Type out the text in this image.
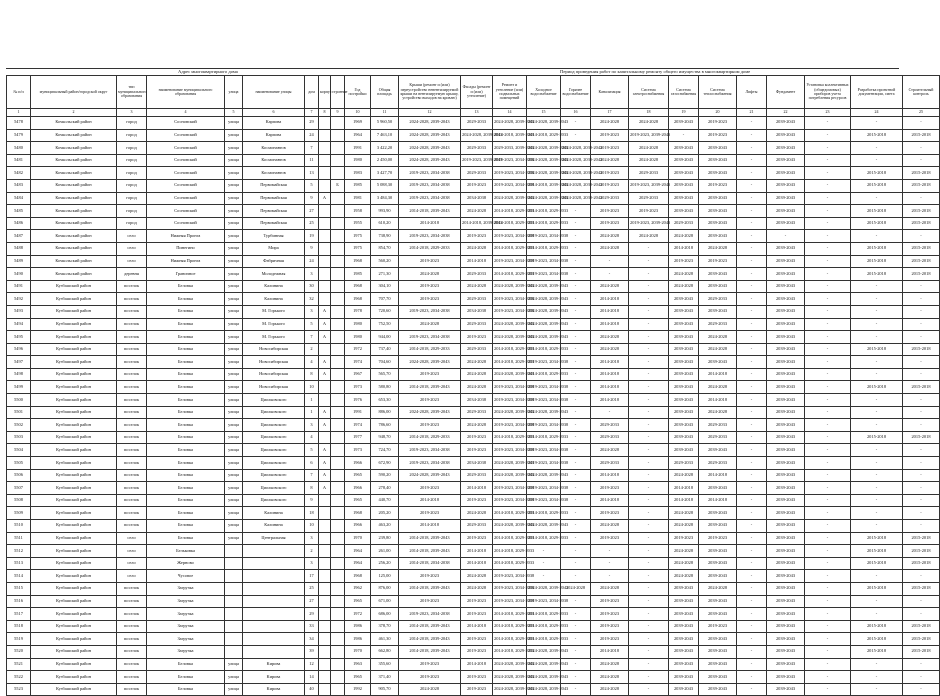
Адрес многоквартирного дома	Период проведения работ по капитальному ремонту общего имущества в многоквартирном доме
№ п/п	муниципальный район/городской округ	тип муниципального образования	наименование муниципального образования	улица	наименование улицы	дом	корпус	строение	Год постройки	Общая площадь	Крыши (ремонт и (или) переустройство невентилируемой крыши на вентилируемую крышу, устройство выходов на кровлю)	Фасады (ремонт и (или) утепление)	Ремонт и утепление (или) подвальных помещений	Холодное водоснабжение	Горячее водоснабжение	Канализация	Система электроснабжения	Система газоснабжения	Система теплоснабжения	Лифты	Фундамент	Установка коллективных (общедомовых) приборов учета потребления ресурсов	Разработка проектной документации, смета	Строительный контроль
1	2	3	4	5	6	7	8	9	10	11	12	13	14	15	16	17	18	19	20	21	22	23	24	25
5478	Кочкольский район	город	Сосновский	улица	Карпова	29			1969	5 960,50	2024-2028, 2039-2043	2029-2033	2024-2028, 2039-2043	2024-2028, 2039-2043	-	2024-2028	2024-2028	2039-2043	2019-2023	-	2039-2043	-	-	-
5479	Кочкольский район	город	Сосновский	улица	Карпова	24			1964	7 463,10	2024-2028, 2039-2043	2024-2028, 2039-2043	2014-2018, 2039-2043	2014-2018, 2029-2033	-	2019-2023	2019-2023, 2039-2043	-	2019-2023	-	2039-2043	-	2015-2018	2015-2018
5480	Кочкольский район	город	Сосновский	улица	Космонавтов	7			1991	3 422,20	2024-2028, 2039-2043	2029-2033	2029-2033, 2039-2043	2024-2028, 2039-2043	2024-2028, 2039-2043	2019-2023	2024-2028	2039-2043	2039-2043	-	2039-2043	-	-	-
5481	Кочкольский район	город	Сосновский	улица	Космонавтов	11			1980	2 450,00	2024-2028, 2039-2043	2019-2023, 2039-2043	2019-2023, 2034-2038	2024-2028, 2039-2043	2024-2028, 2039-2043	2024-2028	2024-2028	2039-2043	2039-2043	-	2039-2043	-	-	-
5482	Кочкольский район	город	Сосновский	улица	Космонавтов	13			1983	3 427,70	2019-2023, 2034-2038	2029-2033	2019-2023, 2034-2038	2024-2028, 2039-2043	2024-2028, 2039-2043	2019-2023	2029-2033	2039-2043	2039-2043	-	2039-2043	-	2015-2018	2015-2018
5483	Кочкольский район	город	Сосновский	улица	Первомайская	5		Б	1985	5 088,30	2019-2023, 2034-2038	2019-2023	2019-2023, 2034-2038	2014-2018, 2039-2043	2024-2028, 2039-2043	2019-2023	2019-2023, 2039-2043	2039-2043	2019-2023	-	2039-2043	-	2015-2018	2015-2018
5484	Кочкольский район	город	Сосновский	улица	Первомайская	9	А		1981	3 484,30	2019-2023, 2034-2038	2034-2038	2024-2028, 2039-2043	2024-2028, 2039-2043	2024-2028, 2039-2043	2029-2033	2029-2033	2039-2043	2039-2043	-	2039-2043	-	-	-
5485	Кочкольский район	город	Сосновский	улица	Первомайская	27			1958	993,90	2014-2018, 2039-2043	2024-2028	2014-2018, 2029-2033	2014-2018, 2029-2033	-	2019-2023	2019-2023	2039-2043	2039-2043	-	2039-2043	-	2015-2018	2015-2018
5486	Кочкольский район	город	Сосновский	улица	Первомайская	25			1955	610,20	2014-2018	2014-2018, 2039-2043	2014-2018, 2029-2033	2014-2018, 2029-2033	-	2019-2023	2019-2023, 2039-2043	2029-2033	2039-2043	-	2039-2043	-	2015-2018	2015-2018
5487	Кочкольский район	село	Нижняя Пронга	улица	Турбинная	19			1975	738,90	2019-2023, 2034-2038	2019-2023	2019-2023, 2034-2038	2019-2023, 2034-2038	-	2024-2028	2024-2028	2024-2028	2039-2043	-	-	-	-	-
5488	Кочкольский район	село	Пинегино	улица	Мира	9			1975	854,70	2014-2018, 2029-2033	2024-2028	2014-2018, 2029-2033	2014-2018, 2029-2033	-	2024-2028	-	2014-2018	2024-2028	-	2039-2043	-	2015-2018	2015-2018
5489	Кочкольский район	село	Нижняя Пронга	улица	Фабричная	24			1968	560,20	2019-2023	2014-2018	2019-2023, 2034-2038	2019-2023, 2034-2038	-	-	-	2019-2023	2019-2023	-	2039-2043	-	2015-2018	2015-2018
5490	Кочкольский район	деревня	Граничное	улица	Молодежная	3			1985	271,30	2024-2028	2029-2033	2014-2018, 2029-2033	2019-2023, 2034-2038	-	-	-	2024-2028	2039-2043	-	2039-2043	-	2015-2018	2015-2018
5491	Кузбашский район	поселок	Беловка	улица	Калинина	30			1968	304,10	2019-2023	2024-2028	2024-2028, 2039-2043	2024-2028, 2039-2043	-	2024-2028	-	2024-2028	2039-2043	-	2039-2043	-	-	-
5492	Кузбашский район	поселок	Беловка	улица	Калинина	32			1968	707,70	2019-2023	2029-2033	2019-2023, 2034-2038	2024-2028, 2039-2043	-	2014-2018	-	2039-2043	2029-2033	-	2039-2043	-	-	-
5493	Кузбашский район	поселок	Беловка	улица	М. Горького	3	А		1978	720,60	2019-2023, 2034-2038	2034-2038	2019-2023, 2034-2038	2024-2028, 2039-2043	-	2014-2018	-	2039-2043	2039-2043	-	2039-2043	-	-	-
5494	Кузбашский район	поселок	Беловка	улица	М. Горького	5	А		1980	752,50	2024-2028	2029-2033	2024-2028, 2039-2043	2024-2028, 2039-2043	-	2014-2018	-	2039-2043	2029-2033	-	2039-2043	-	-	-
5495	Кузбашский район	поселок	Беловка	улица	М. Горького	7	А		1980	944,00	2019-2023, 2034-2038	2019-2023	2024-2028, 2039-2043	2024-2028, 2039-2043	-	2024-2028	-	2039-2043	2024-2028	-	2039-2043	-	-	-
5496	Кузбашский район	поселок	Беловка	улица	Новосибирская	2			1972	737,40	2014-2018, 2029-2033	2029-2033	2014-2018, 2029-2033	2014-2018, 2029-2033	-	2024-2028	-	2039-2043	2024-2028	-	2039-2043	-	2015-2018	2015-2018
5497	Кузбашский район	поселок	Беловка	улица	Новосибирская	4	А		1974	704,60	2024-2028, 2039-2043	2024-2028	2014-2018, 2029-2033	2019-2023, 2034-2038	-	2014-2018	-	2039-2043	2039-2043	-	2039-2043	-	-	-
5498	Кузбашский район	поселок	Беловка	улица	Новосибирская	8	А		1967	565,70	2019-2023	2024-2028	2024-2028, 2039-2043	2014-2018, 2029-2033	-	2014-2018	-	2039-2043	2014-2018	-	2039-2043	-	-	-
5499	Кузбашский район	поселок	Беловка	улица	Новосибирская	10			1973	580,80	2014-2018, 2039-2043	2024-2028	2019-2023, 2034-2038	2019-2023, 2034-2038	-	2014-2018	-	2039-2043	2024-2028	-	2039-2043	-	2015-2018	2015-2018
5500	Кузбашский район	поселок	Беловка	улица	Циолковского	1			1976	653,30	2019-2023	2034-2038	2019-2023, 2034-2038	2019-2023, 2034-2038	-	2014-2018	-	2039-2043	2014-2018	-	2039-2043	-	-	-
5501	Кузбашский район	поселок	Беловка	улица	Циолковского	1	А		1991	886,00	2024-2028, 2039-2043	2029-2033	2024-2028, 2039-2043	2024-2028, 2039-2043	-	-	-	2039-2043	2024-2028	-	2039-2043	-	-	-
5502	Кузбашский район	поселок	Беловка	улица	Циолковского	3	А		1974	786,60	2019-2023	2024-2028	2019-2023, 2034-2038	2019-2023, 2034-2038	-	2029-2033	-	2039-2043	2029-2033	-	2039-2043	-	-	-
5503	Кузбашский район	поселок	Беловка	улица	Циолковского	4			1977	948,70	2014-2018, 2029-2033	2019-2023	2014-2018, 2029-2033	2014-2018, 2029-2033	-	2029-2033	-	2039-2043	2029-2033	-	2039-2043	-	2015-2018	2015-2018
5504	Кузбашский район	поселок	Беловка	улица	Циолковского	5	А		1973	724,70	2019-2023, 2034-2038	2019-2023	2019-2023, 2034-2038	2019-2023, 2034-2038	-	2024-2028	-	2039-2043	2039-2043	-	2039-2043	-	-	-
5505	Кузбашский район	поселок	Беловка	улица	Циолковского	6	А		1966	672,90	2019-2023, 2034-2038	2034-2038	2024-2028, 2039-2043	2019-2023, 2034-2038	-	2029-2033	-	2029-2033	2029-2033	-	2039-2043	-	-	-
5506	Кузбашский район	поселок	Беловка	улица	Циолковского	7	А		1965	590,20	2024-2028, 2039-2043	2029-2033	2024-2028, 2039-2043	2024-2028, 2039-2043	-	2014-2018	-	2024-2028	2014-2018	-	2039-2043	-	-	-
5507	Кузбашский район	поселок	Беловка	улица	Циолковского	8	А		1966	278,40	2019-2023	2014-2018	2019-2023, 2034-2038	2019-2023, 2034-2038	-	2019-2023	-	2014-2018	2039-2043	-	2039-2043	-	-	-
5508	Кузбашский район	поселок	Беловка	улица	Циолковского	9			1965	440,70	2014-2018	2019-2023	2019-2023, 2034-2038	2019-2023, 2034-2038	-	2014-2018	-	2014-2018	2014-2018	-	2039-2043	-	-	-
5509	Кузбашский район	поселок	Беловка	улица	Калинина	18			1968	205,20	2019-2023	2024-2028	2014-2018, 2029-2033	2014-2018, 2029-2033	-	2019-2023	-	2024-2028	2039-2043	-	2039-2043	-	-	-
5510	Кузбашский район	поселок	Беловка	улица	Калинина	10			1966	463,20	2014-2018	2029-2033	2024-2028, 2039-2043	2024-2028, 2039-2043	-	2024-2028	-	2024-2028	2039-2043	-	2039-2043	-	-	-
5511	Кузбашский район	село	Беловка	улица	Центральная	3			1970	239,80	2014-2018, 2039-2043	2019-2023	2014-2018, 2029-2033	2014-2018, 2029-2033	-	2019-2023	-	2019-2023	2019-2023	-	2039-2043	-	2015-2018	2015-2018
5512	Кузбашский район	село	Бельковка			2			1964	261,00	2014-2018, 2039-2043	2014-2018	2014-2018, 2029-2033	-	-	-	-	2024-2028	2039-2043	-	2039-2043	-	2015-2018	2015-2018
5513	Кузбашский район	село	Жерново			3			1964	256,20	2014-2018, 2034-2038	2014-2018	2014-2018, 2029-2033	-	-	-	-	2024-2028	2039-2043	-	2039-2043	-	2015-2018	2015-2018
5514	Кузбашский район	село	Чусовое			17			1968	125,00	2019-2023	2024-2028	2019-2023, 2034-2038	-	-	-	-	2024-2028	2039-2043	-	2039-2043	-	-	-
5515	Кузбашский район	поселок	Загрузка			25			1962	876,00	2014-2018, 2039-2043	2024-2028	2019-2023, 2034-2038	2024-2028, 2039-2043	2024-2028	2024-2028	-	2039-2043	2024-2028	-	2039-2043	-	2015-2018	2015-2018
5516	Кузбашский район	поселок	Загрузка			27			1965	671,00	2019-2023	2019-2023	2019-2023, 2034-2038	2019-2023, 2034-2038	-	2019-2023	-	2039-2043	2039-2043	-	2039-2043	-	-	-
5517	Кузбашский район	поселок	Загрузка			29			1972	686,00	2019-2023, 2034-2038	2019-2023	2014-2018, 2029-2033	2014-2018, 2029-2033	-	2019-2023	-	2039-2043	2039-2043	-	2039-2043	-	-	-
5518	Кузбашский район	поселок	Загрузка			33			1986	378,70	2014-2018, 2039-2043	2014-2018	2014-2018, 2029-2033	2014-2018, 2029-2033	-	2019-2023	-	2039-2043	2019-2023	-	2039-2043	-	2015-2018	2015-2018
5519	Кузбашский район	поселок	Загрузка			34			1986	461,30	2014-2018, 2039-2043	2019-2023	2014-2018, 2029-2033	2014-2018, 2029-2033	-	2019-2023	-	2039-2043	2039-2043	-	2039-2043	-	2015-2018	2015-2018
5520	Кузбашский район	поселок	Загрузка			39			1970	662,80	2014-2018, 2039-2043	2019-2023	2014-2018, 2029-2033	2024-2028, 2039-2043	-	2014-2018	-	2039-2043	2039-2043	-	2039-2043	-	2015-2018	2015-2018
5521	Кузбашский район	поселок	Беловка	улица	Кирова	12			1963	355,60	2019-2023	2014-2018	2024-2028, 2039-2043	2024-2028, 2039-2043	-	2024-2028	-	2039-2043	2039-2043	-	2039-2043	-	-	-
5522	Кузбашский район	поселок	Беловка	улица	Кирова	14			1965	371,40	2019-2023	2019-2023	2024-2028, 2039-2043	2024-2028, 2039-2043	-	2024-2028	-	2039-2043	2039-2043	-	2039-2043	-	-	-
5523	Кузбашский район	поселок	Беловка	улица	Кирова	40			1992	905,70	2024-2028	2019-2023	2024-2028, 2039-2043	2024-2028, 2039-2043	-	2024-2028	-	2039-2043	2039-2043	-	2039-2043	-	-	-
